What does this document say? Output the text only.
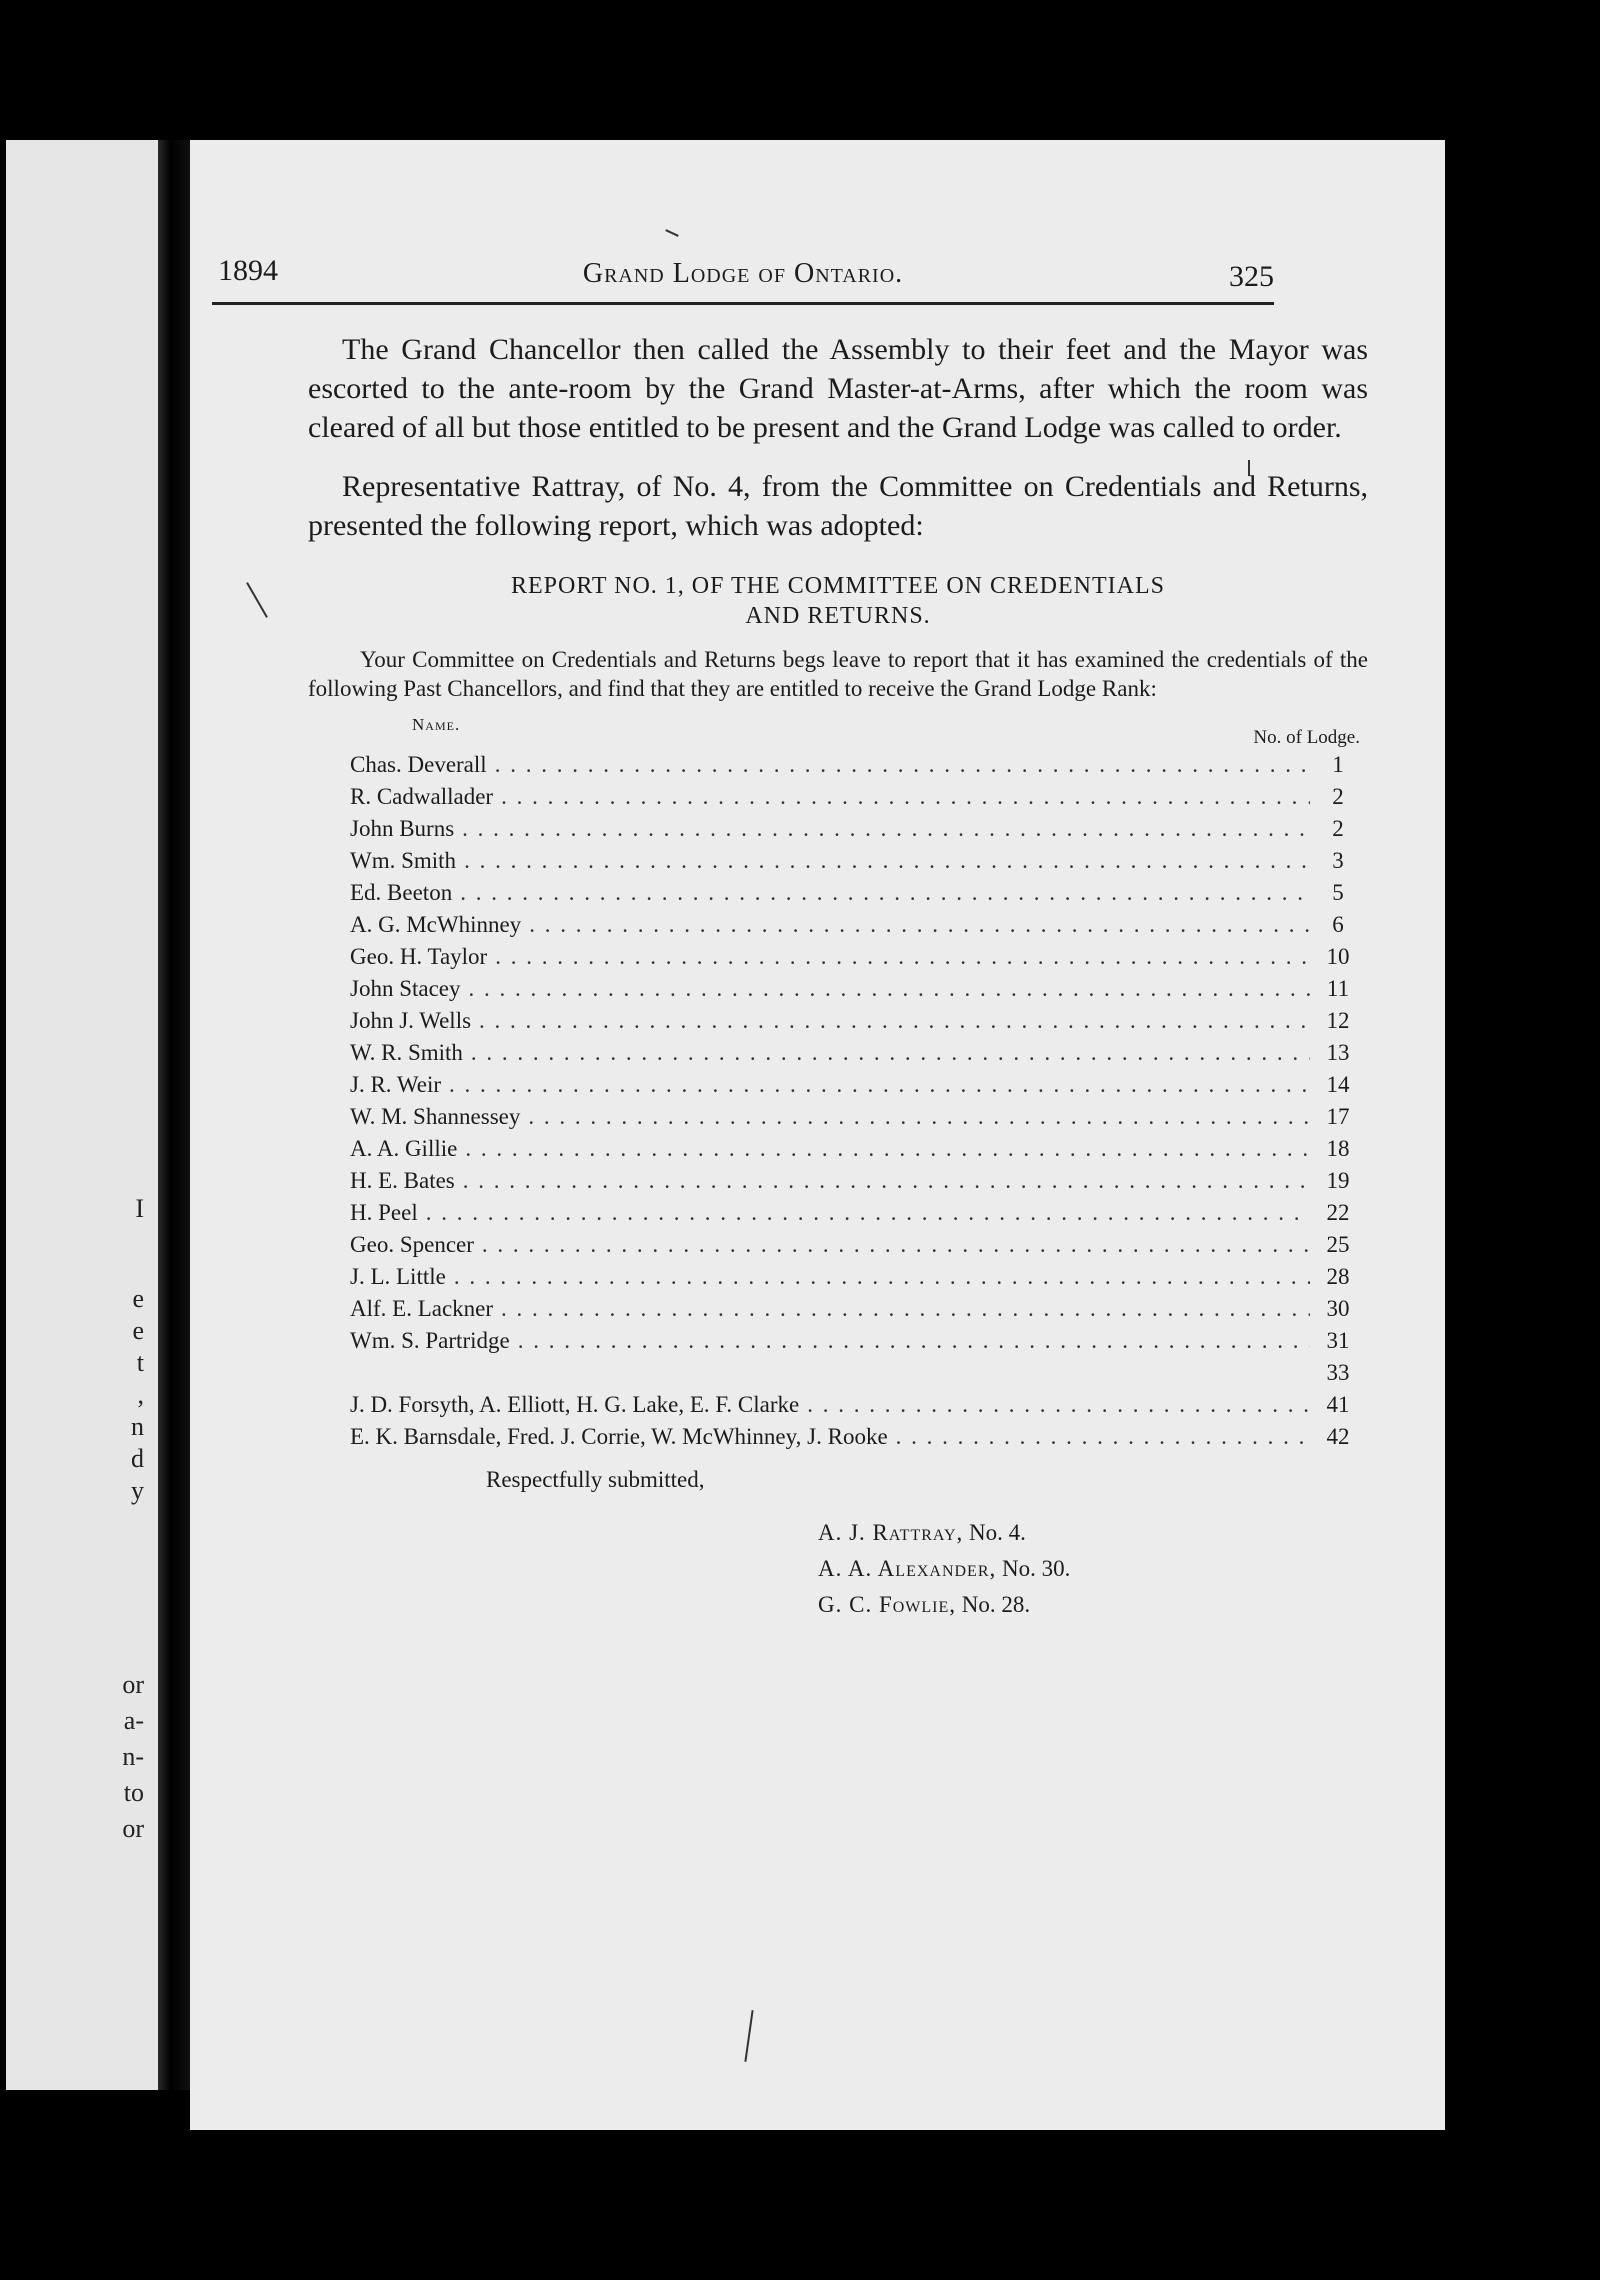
I
e
e
t
,
n
d
y
or
a-
n-
to
or
1894	Grand Lodge of Ontario.	325

The Grand Chancellor then called the Assembly to their feet and the Mayor was escorted to the ante-room by the Grand Master-at-Arms, after which the room was cleared of all but those entitled to be present and the Grand Lodge was called to order.

Representative Rattray, of No. 4, from the Committee on Credentials and Returns, presented the following report, which was adopted:

REPORT NO. 1, OF THE COMMITTEE ON CREDENTIALS
AND RETURNS.

Your Committee on Credentials and Returns begs leave to report that it has examined the credentials of the following Past Chancellors, and find that they are entitled to receive the Grand Lodge Rank:

Name.
No. of Lodge.
Chas. Deverall . . .	1
R. Cadwallader . . .	2
John Burns . . .	2
Wm. Smith . . .	3
Ed. Beeton . . .	5
A. G. McWhinney . . .	6
Geo. H. Taylor . . .	10
John Stacey . . .	11
John J. Wells . . .	12
W. R. Smith . . .	13
J. R. Weir . . .	14
W. M. Shannessey . . .	17
A. A. Gillie . . .	18
H. E. Bates . . .	19
H. Peel . . .	22
Geo. Spencer . . .	25
J. L. Little . . .	28
Alf. E. Lackner . . .	30
Wm. S. Partridge . . .	31
33
J. D. Forsyth, A. Elliott, H. G. Lake, E. F. Clarke . . .	41
E. K. Barnsdale, Fred. J. Corrie, W. McWhinney, J. Rooke . . .	42
Respectfully submitted,
A. J. Rattray, No. 4.
A. A. Alexander, No. 30.
G. C. Fowlie, No. 28.
